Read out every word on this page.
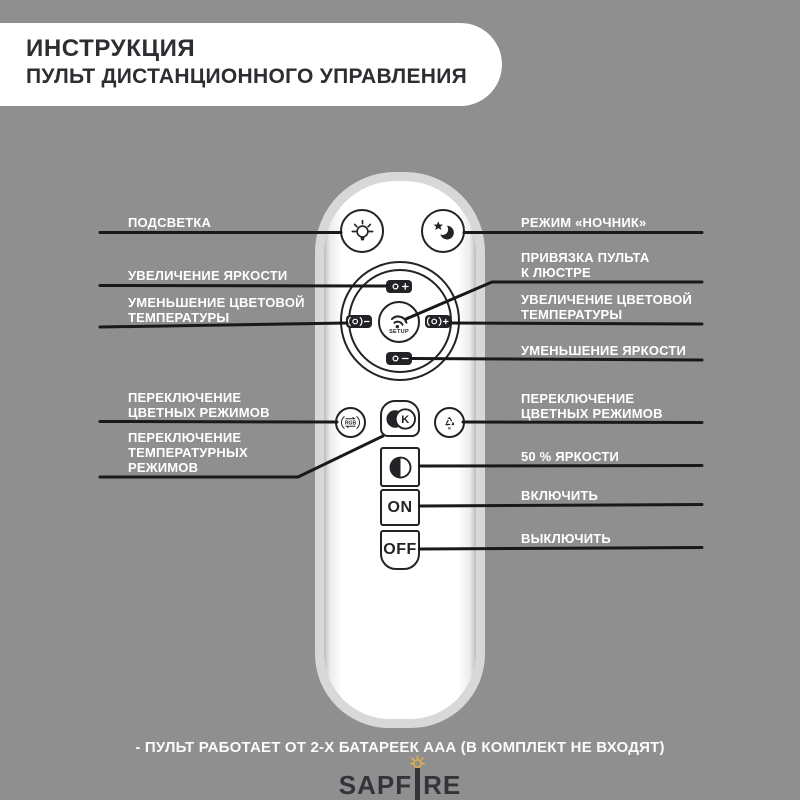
ИНСТРУКЦИЯ
ПУЛЬТ ДИСТАНЦИОННОГО УПРАВЛЕНИЯ
SETUP
RGB	K
R
ON
OFF
ПОДСВЕТКА
УВЕЛИЧЕНИЕ ЯРКОСТИ
УМЕНЬШЕНИЕ ЦВЕТОВОЙ
ТЕМПЕРАТУРЫ
ПЕРЕКЛЮЧЕНИЕ
ЦВЕТНЫХ РЕЖИМОВ
ПЕРЕКЛЮЧЕНИЕ
ТЕМПЕРАТУРНЫХ
РЕЖИМОВ
РЕЖИМ «НОЧНИК»
ПРИВЯЗКА ПУЛЬТА
К ЛЮСТРЕ
УВЕЛИЧЕНИЕ ЦВЕТОВОЙ
ТЕМПЕРАТУРЫ
УМЕНЬШЕНИЕ ЯРКОСТИ
ПЕРЕКЛЮЧЕНИЕ
ЦВЕТНЫХ РЕЖИМОВ
50 % ЯРКОСТИ
ВКЛЮЧИТЬ
ВЫКЛЮЧИТЬ
- ПУЛЬТ РАБОТАЕТ ОТ 2-Х БАТАРЕЕК ААА (В КОМПЛЕКТ НЕ ВХОДЯТ)
SAPF RE
